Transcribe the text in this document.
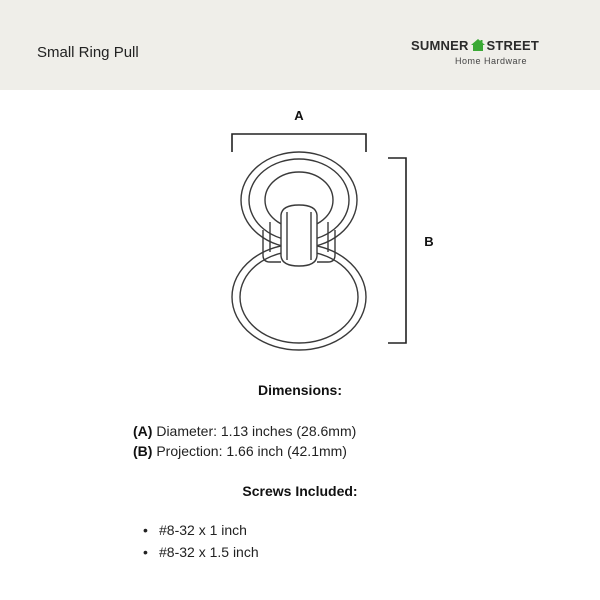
Small Ring Pull	SUMNER STREET
Home Hardware
A
B
Dimensions:
(A) Diameter: 1.13 inches (28.6mm)
(B) Projection: 1.66 inch (42.1mm)
Screws Included:
• #8-32 x 1 inch
• #8-32 x 1.5 inch
